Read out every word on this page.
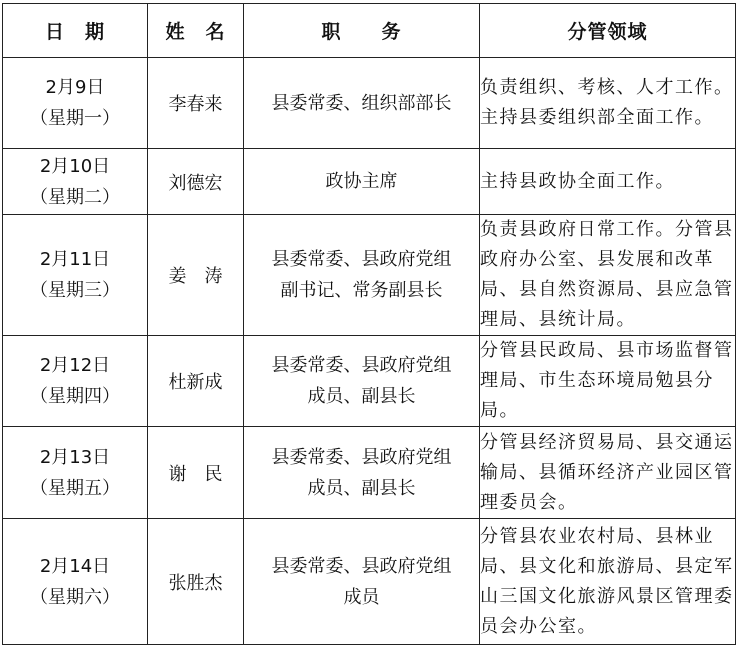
日　期	姓　名	职　　务	分管领域

2月9日
（星期一）	李春来	县委常委、组织部部长	负责组织、考核、人才工作。主持县委组织部全面工作。

2月10日
（星期二）	刘德宏	政协主席	主持县政协全面工作。

2月11日
（星期三）	姜　涛	县委常委、县政府党组
副书记、常务副县长	负责县政府日常工作。分管县政府办公室、县发展和改革局、县自然资源局、县应急管理局、县统计局。

2月12日
（星期四）	杜新成	县委常委、县政府党组
成员、副县长	分管县民政局、县市场监督管理局、市生态环境局勉县分局。

2月13日
（星期五）	谢　民	县委常委、县政府党组
成员、副县长	分管县经济贸易局、县交通运输局、县循环经济产业园区管理委员会。

2月14日
（星期六）	张胜杰	县委常委、县政府党组
成员	分管县农业农村局、县林业局、县文化和旅游局、县定军山三国文化旅游风景区管理委员会办公室。
